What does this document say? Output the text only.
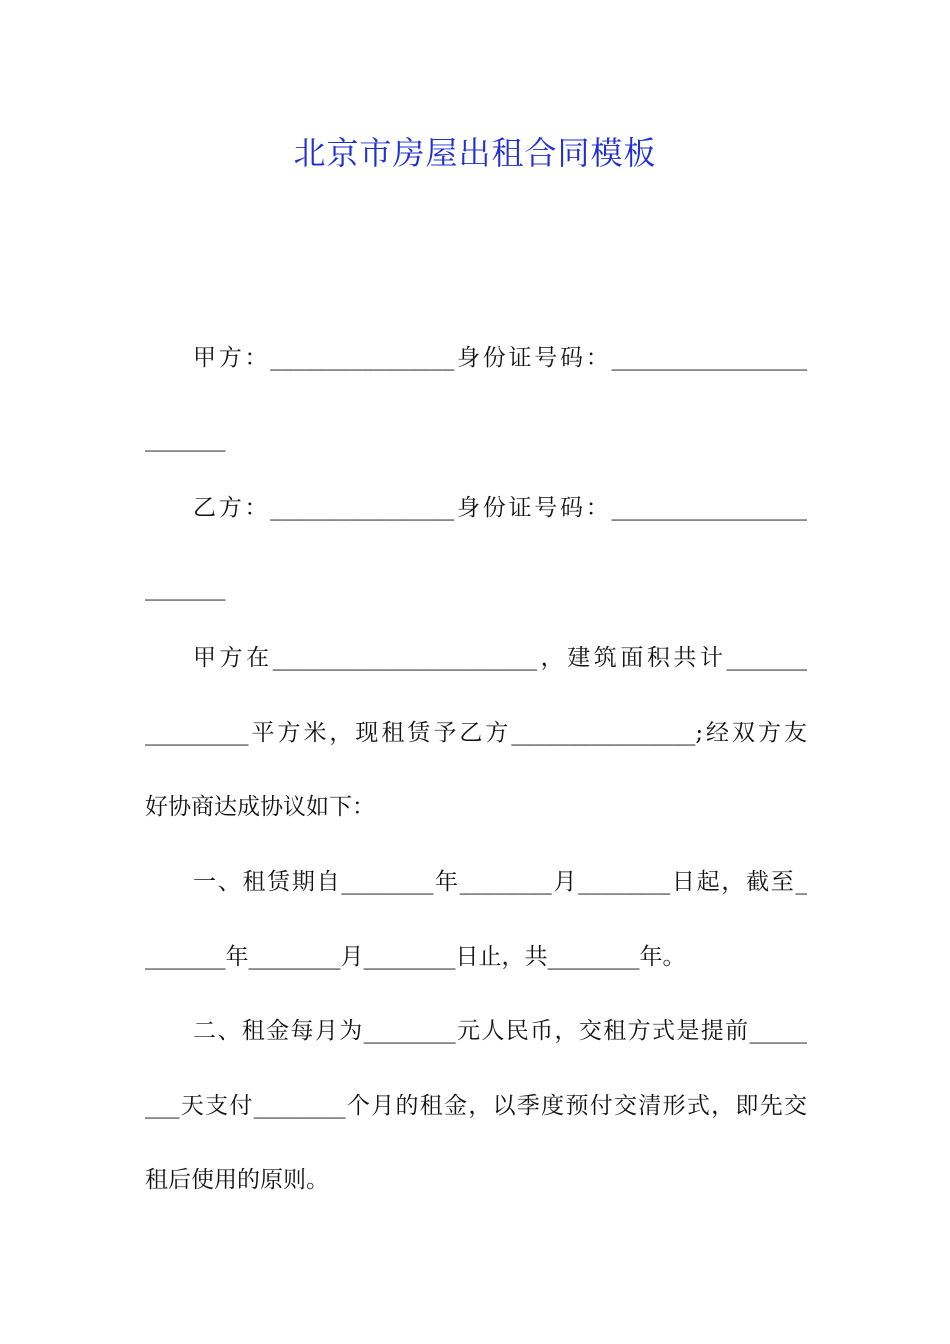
北京市房屋出租合同模板
甲方：________________身份证号码：_________________
_______
乙方：________________身份证号码：_________________
_______
甲方在_______________________，建筑面积共计_______
_________平方米，现租赁予乙方________________;经双方友
好协商达成协议如下：
一、租赁期自________年________月________日起，截至_
_______年________月________日止，共________年。
二、租金每月为________元人民币，交租方式是提前_____
___天支付________个月的租金，以季度预付交清形式，即先交
租后使用的原则。
